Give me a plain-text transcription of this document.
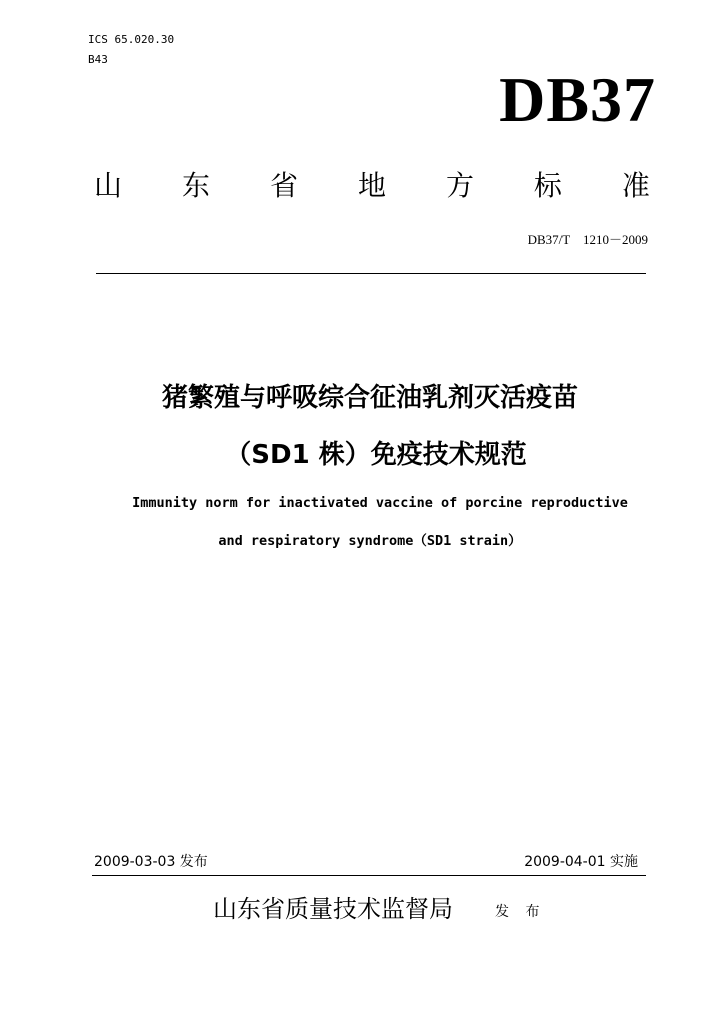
ICS 65.020.30
B43
DB37
山 东 省 地 方 标 准
DB37/T　1210－2009
猪繁殖与呼吸综合征油乳剂灭活疫苗
（SD1 株）免疫技术规范
Immunity norm for inactivated vaccine of porcine reproductive
and respiratory syndrome（SD1 strain）
2009-03-03 发布	2009-04-01 实施
山东省质量技术监督局	发 布
